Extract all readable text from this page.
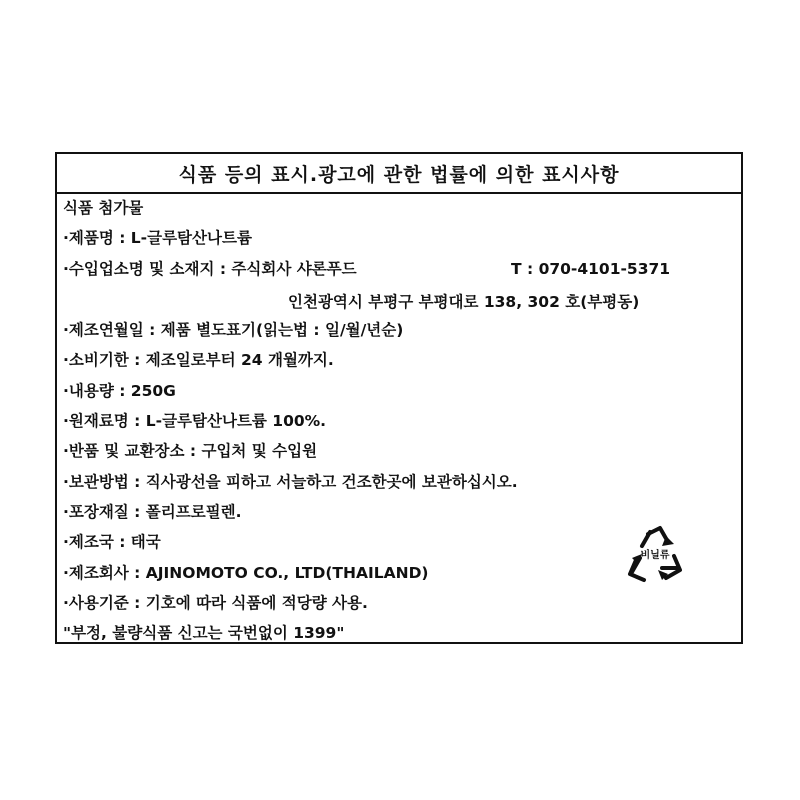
식품 등의 표시.광고에 관한 법률에 의한 표시사항
식품 첨가물
·제품명 : L-글루탐산나트륨
·수입업소명 및 소재지 : 주식회사 샤론푸드	T : 070-4101-5371
인천광역시 부평구 부평대로 138, 302 호(부평동)
·제조연월일 : 제품 별도표기(읽는법 : 일/월/년순)
·소비기한 : 제조일로부터 24 개월까지.
·내용량 : 250G
·원재료명 : L-글루탐산나트륨 100%.
·반품 및 교환장소 : 구입처 및 수입원
·보관방법 : 직사광선을 피하고 서늘하고 건조한곳에 보관하십시오.
·포장재질 : 폴리프로필렌.
·제조국 : 태국
·제조회사 : AJINOMOTO CO., LTD(THAILAND)
·사용기준 : 기호에 따라 식품에 적당량 사용.
"부정, 불량식품 신고는 국번없이 1399"
비닐류
